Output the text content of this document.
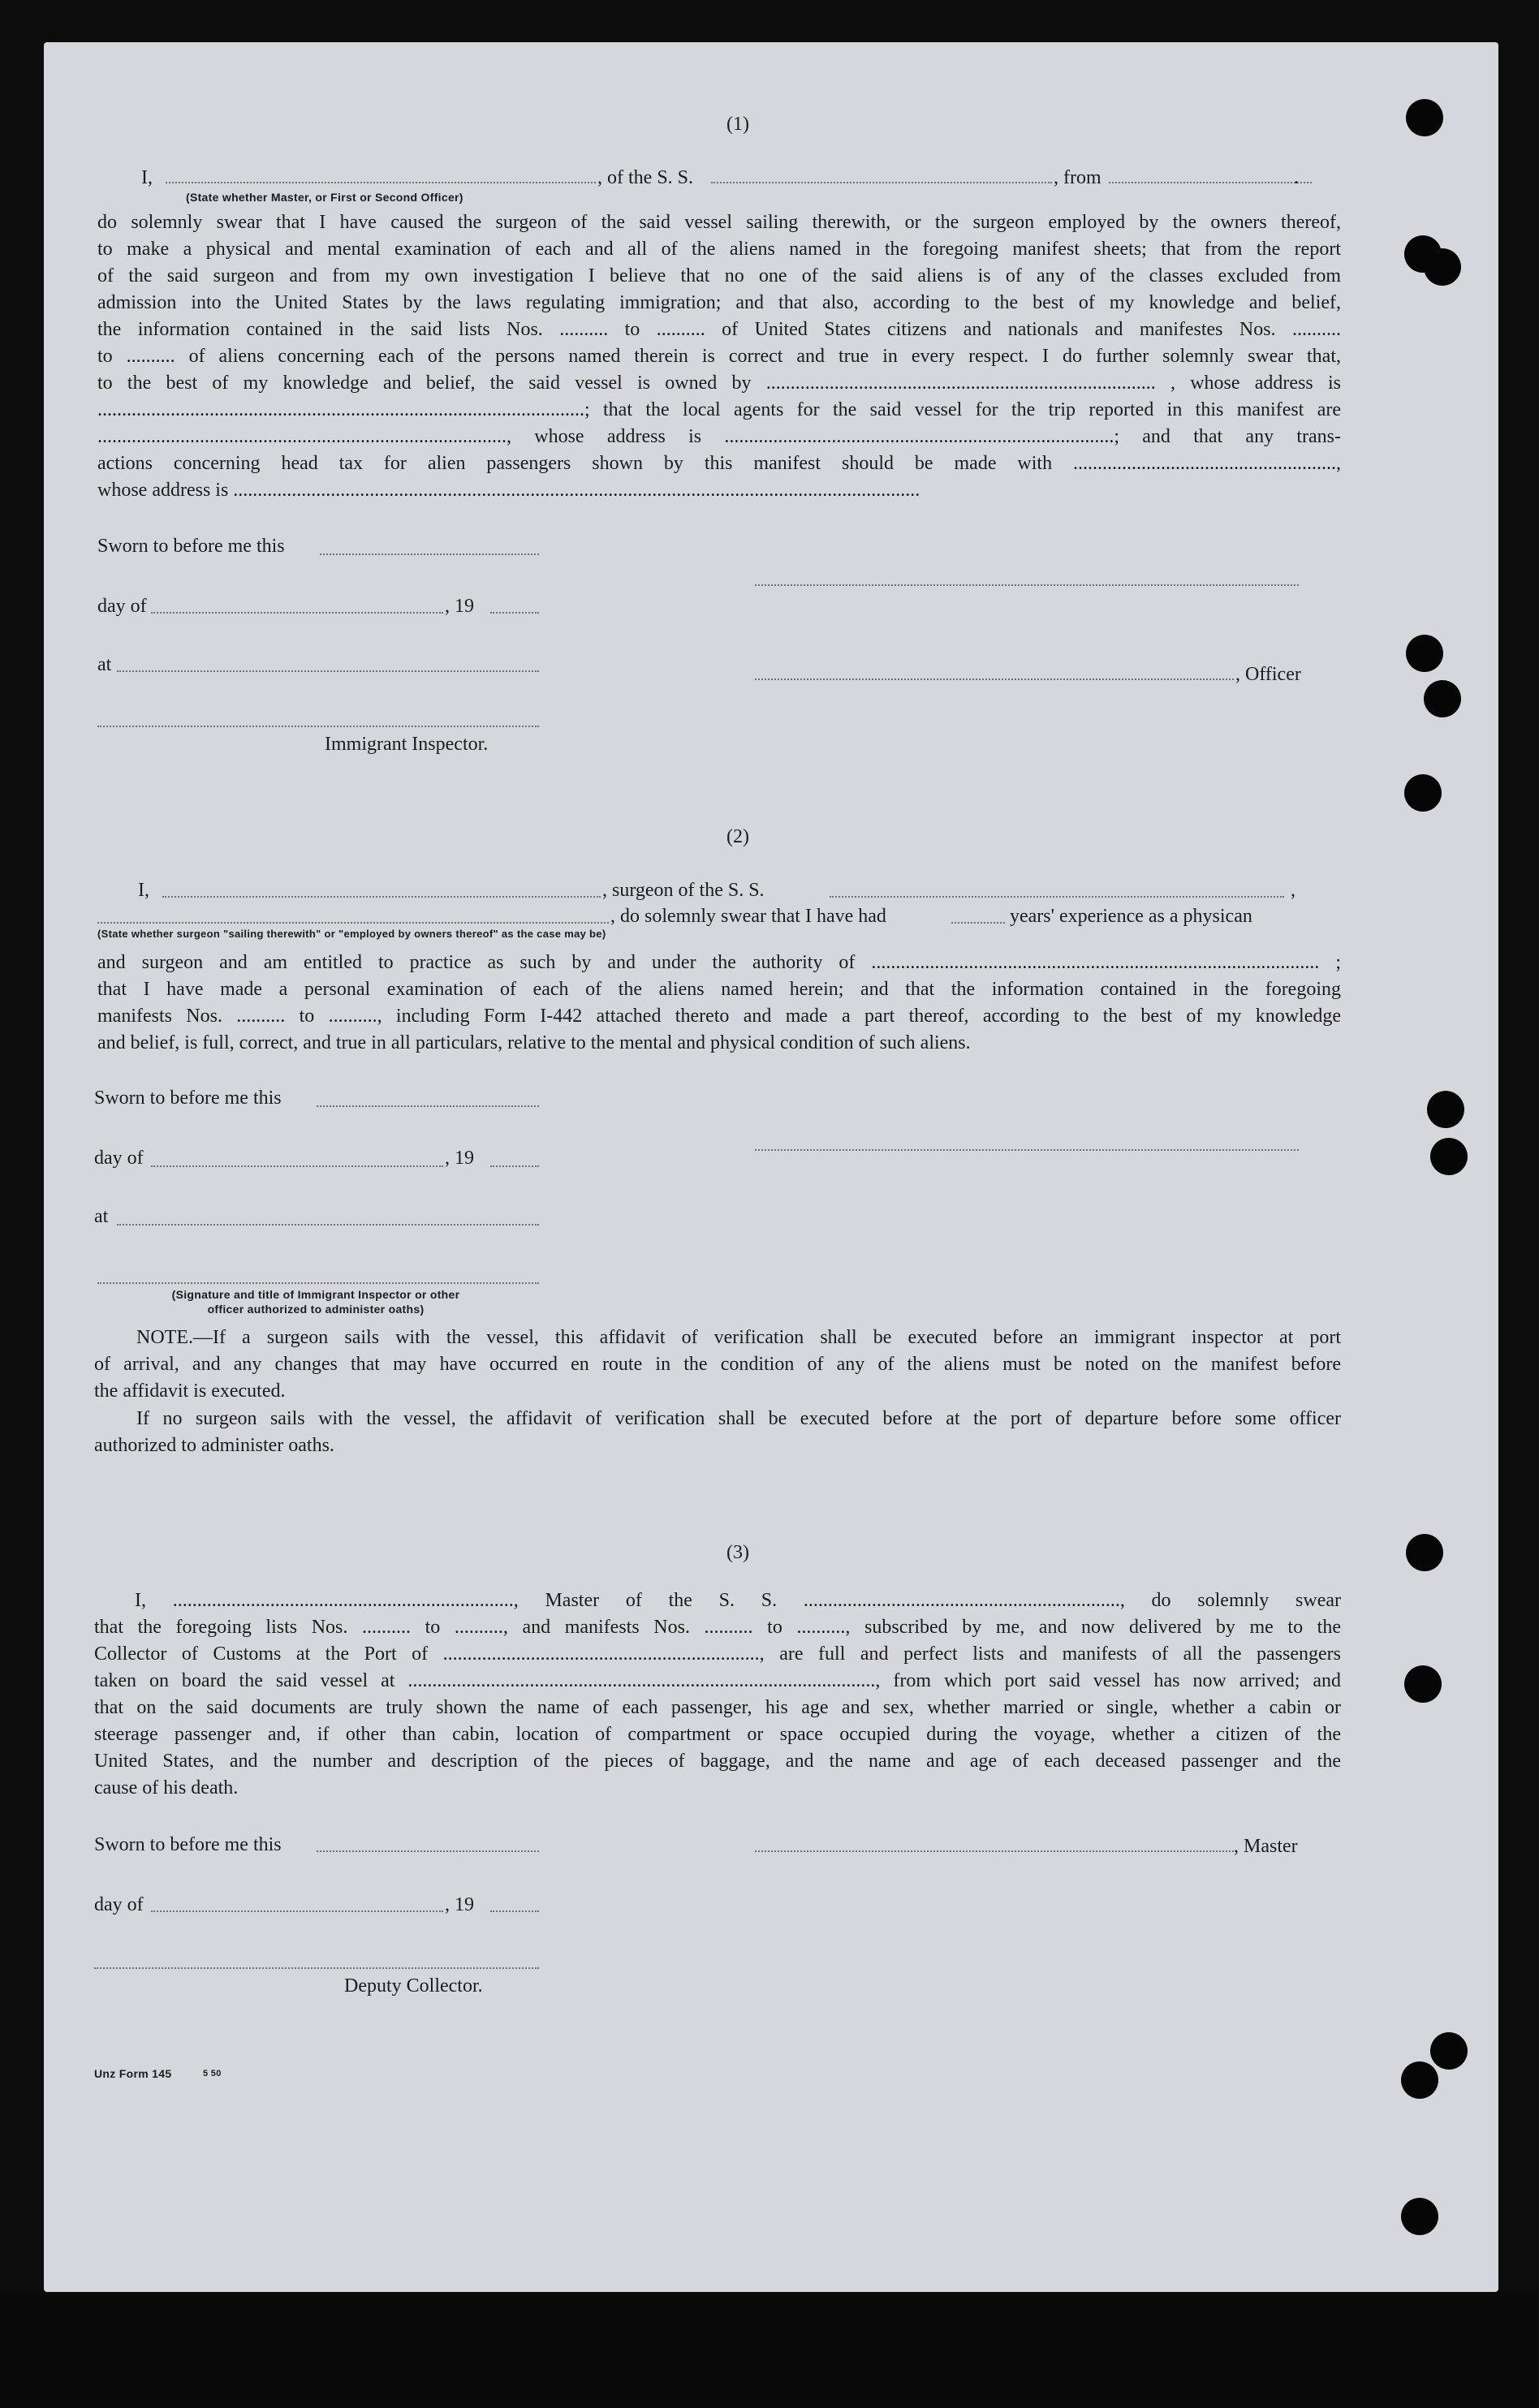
(1)
I,	, of the S. S.	, from	.
(State whether Master, or First or Second Officer)
do solemnly swear that I have caused the surgeon of the said vessel sailing therewith, or the surgeon employed by the owners thereof,
to make a physical and mental examination of each and all of the aliens named in the foregoing manifest sheets; that from the report
of the said surgeon and from my own investigation I believe that no one of the said aliens is of any of the classes excluded from
admission into the United States by the laws regulating immigration; and that also, according to the best of my knowledge and belief,
the information contained in the said lists Nos. .......... to .......... of United States citizens and nationals and manifestes Nos. ..........
to .......... of aliens concerning each of the persons named therein is correct and true in every respect. I do further solemnly swear that,
to the best of my knowledge and belief, the said vessel is owned by ................................................................................ , whose address is
....................................................................................................; that the local agents for the said vessel for the trip reported in this manifest are
...................................................................................., whose address is ................................................................................; and that any trans-
actions concerning head tax for alien passengers shown by this manifest should be made with ......................................................,
whose address is .............................................................................................................................................
Sworn to before me this
day of	, 19
at	, Officer
Immigrant Inspector.
(2)
I,	, surgeon of the S. S.	,
, do solemnly swear that I have had	years' experience as a physican
(State whether surgeon "sailing therewith" or "employed by owners thereof" as the case may be)
and surgeon and am entitled to practice as such by and under the authority of ............................................................................................ ;
that I have made a personal examination of each of the aliens named herein; and that the information contained in the foregoing
manifests Nos. .......... to .........., including Form I-442 attached thereto and made a part thereof, according to the best of my knowledge
and belief, is full, correct, and true in all particulars, relative to the mental and physical condition of such aliens.
Sworn to before me this
day of	, 19
at
(Signature and title of Immigrant Inspector or other
officer authorized to administer oaths)
NOTE.—If a surgeon sails with the vessel, this affidavit of verification shall be executed before an immigrant inspector at port
of arrival, and any changes that may have occurred en route in the condition of any of the aliens must be noted on the manifest before
the affidavit is executed.
If no surgeon sails with the vessel, the affidavit of verification shall be executed before at the port of departure before some officer
authorized to administer oaths.
(3)
I, ......................................................................, Master of the S. S. ................................................................., do solemnly swear
that the foregoing lists Nos. .......... to .........., and manifests Nos. .......... to .........., subscribed by me, and now delivered by me to the
Collector of Customs at the Port of ................................................................., are full and perfect lists and manifests of all the passengers
taken on board the said vessel at ................................................................................................, from which port said vessel has now arrived; and
that on the said documents are truly shown the name of each passenger, his age and sex, whether married or single, whether a cabin or
steerage passenger and, if other than cabin, location of compartment or space occupied during the voyage, whether a citizen of the
United States, and the number and description of the pieces of baggage, and the name and age of each deceased passenger and the
cause of his death.
Sworn to before me this	, Master
day of	, 19
Deputy Collector.
Unz Form 145	5 50
